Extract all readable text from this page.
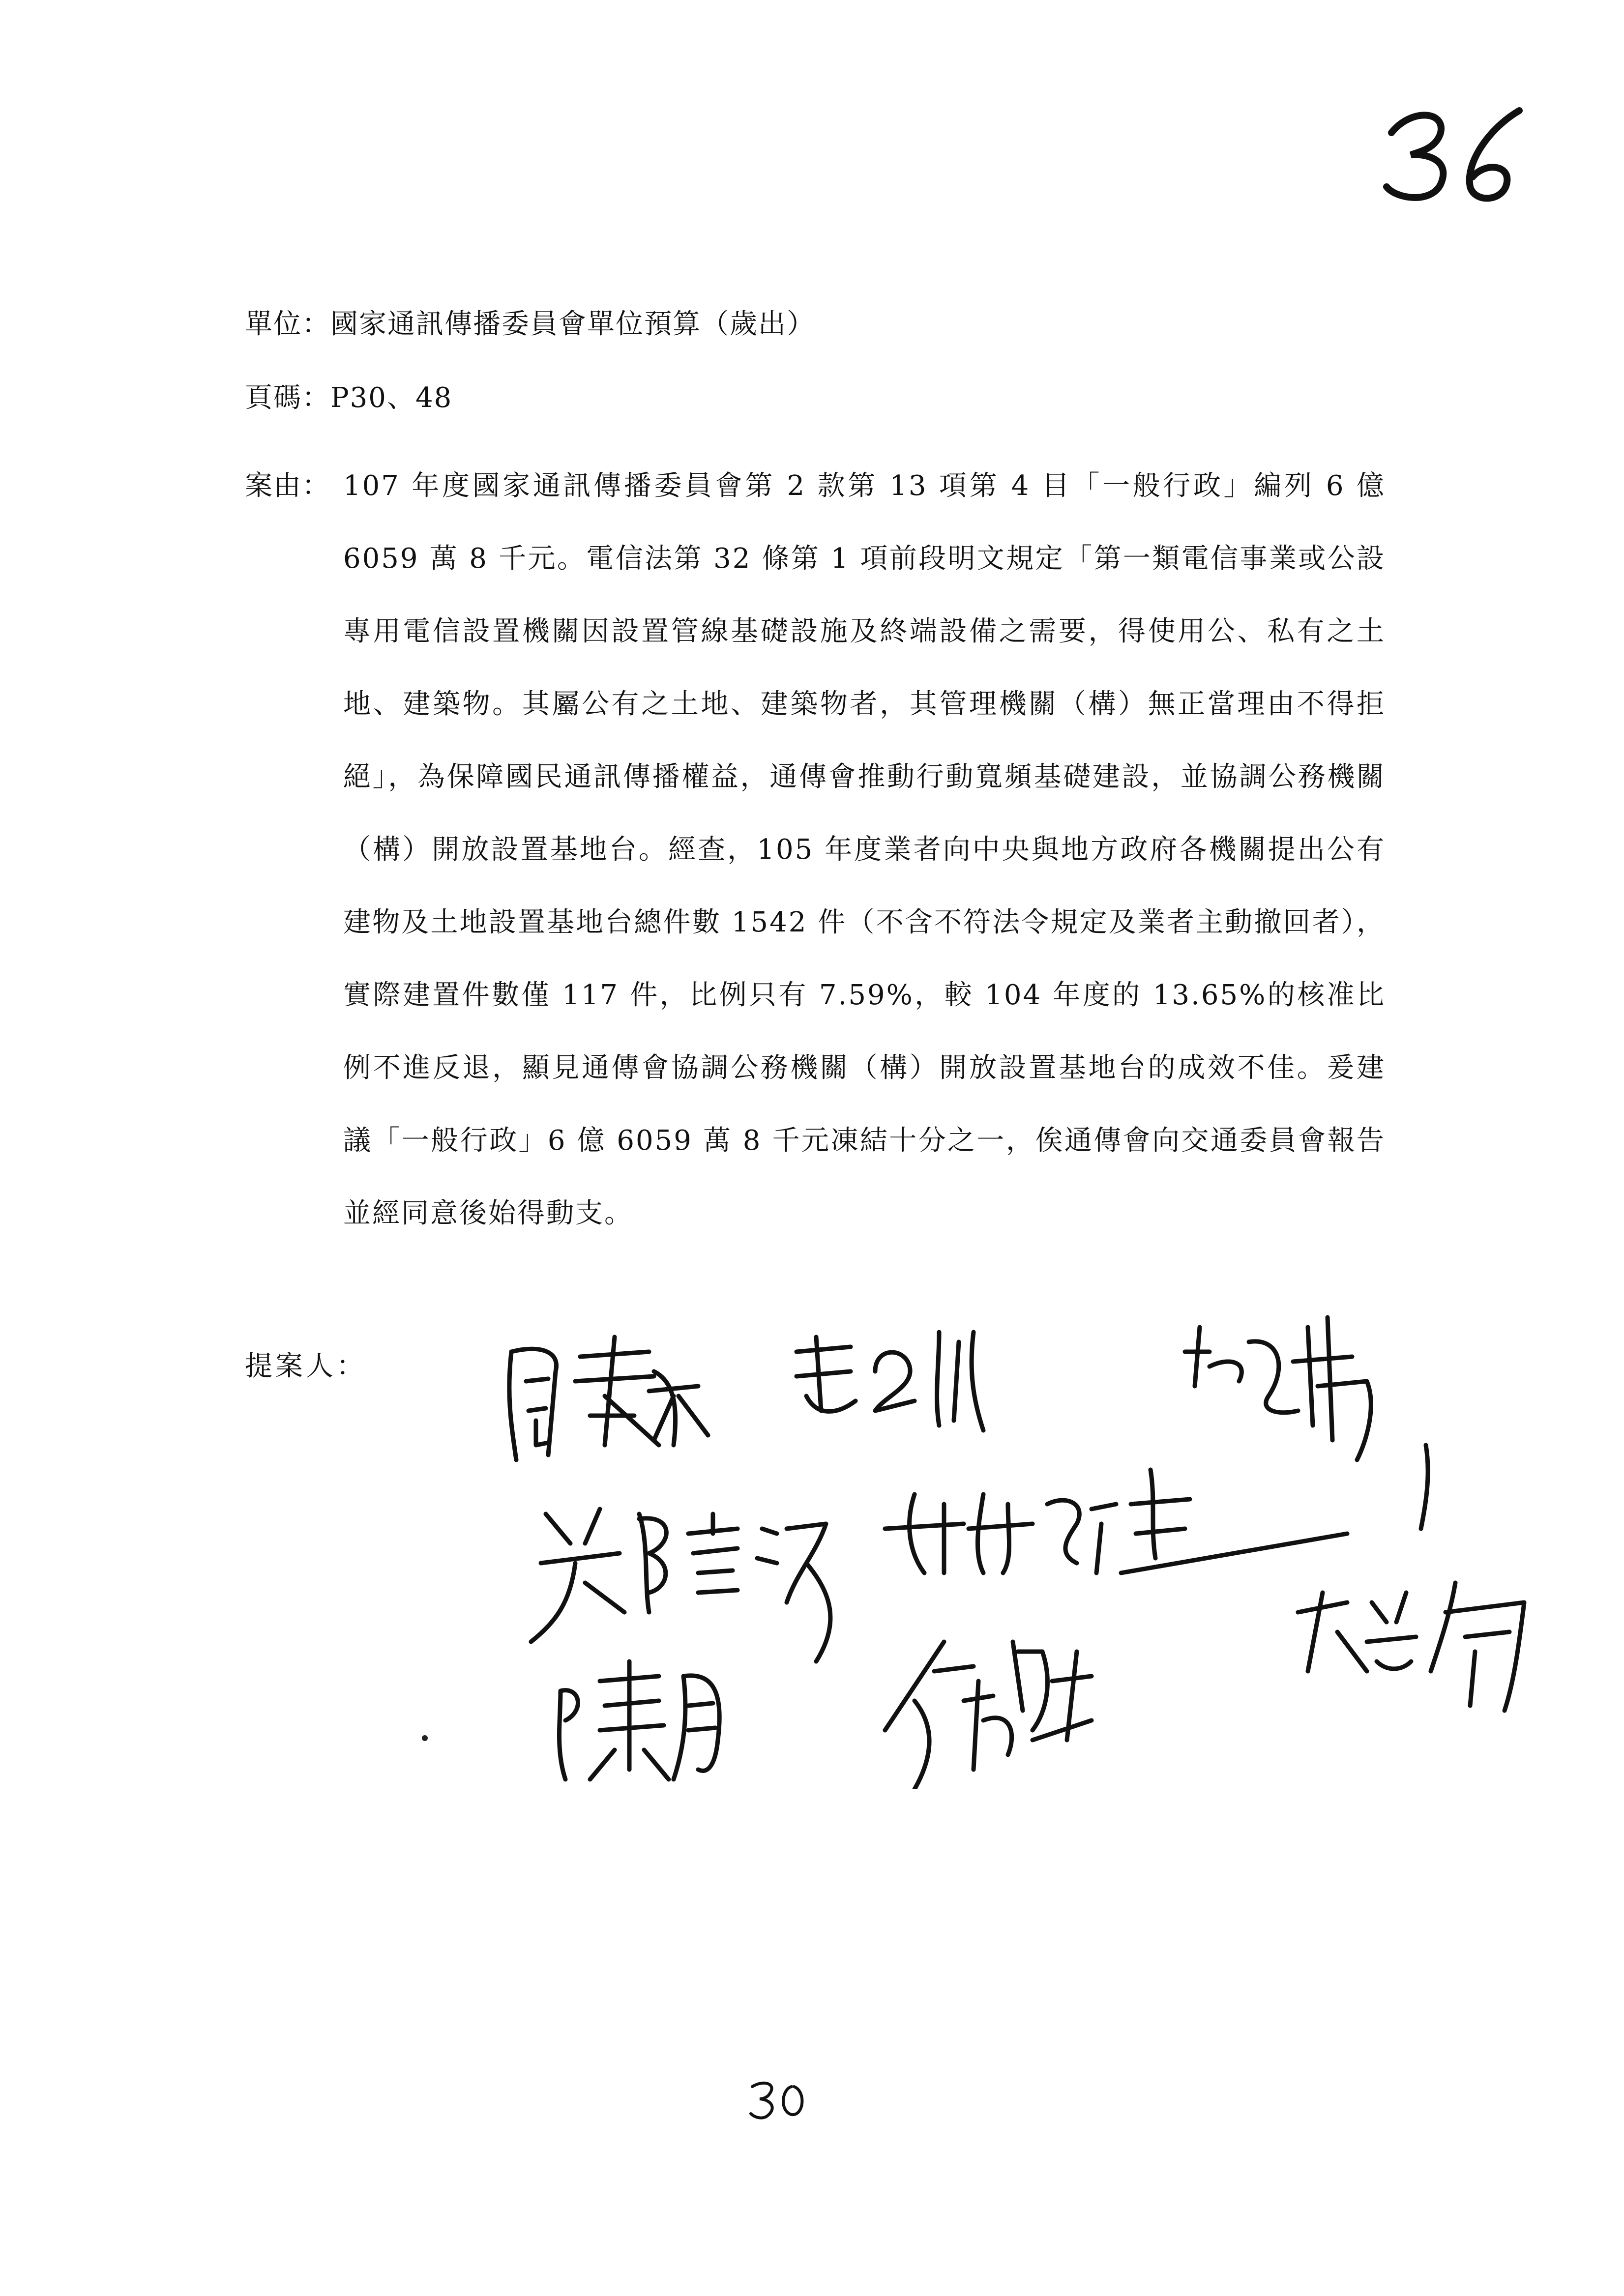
單位：國家通訊傳播委員會單位預算（歲出）
頁碼：P30、48
案由： 107 年度國家通訊傳播委員會第 2 款第 13 項第 4 目「一般行政」編列 6 億 6059 萬 8 千元。電信法第 32 條第 1 項前段明文規定「第一類電信事業或公設專用電信設置機關因設置管線基礎設施及終端設備之需要，得使用公、私有之土地、建築物。其屬公有之土地、建築物者，其管理機關（構）無正當理由不得拒絕」，為保障國民通訊傳播權益，通傳會推動行動寬頻基礎建設，並協調公務機關（構）開放設置基地台。經查，105 年度業者向中央與地方政府各機關提出公有建物及土地設置基地台總件數 1542 件（不含不符法令規定及業者主動撤回者），實際建置件數僅 117 件，比例只有 7.59%，較 104 年度的 13.65%的核准比例不進反退，顯見通傳會協調公務機關（構）開放設置基地台的成效不佳。爰建議「一般行政」6 億 6059 萬 8 千元凍結十分之一，俟通傳會向交通委員會報告並經同意後始得動支。
提案人：
